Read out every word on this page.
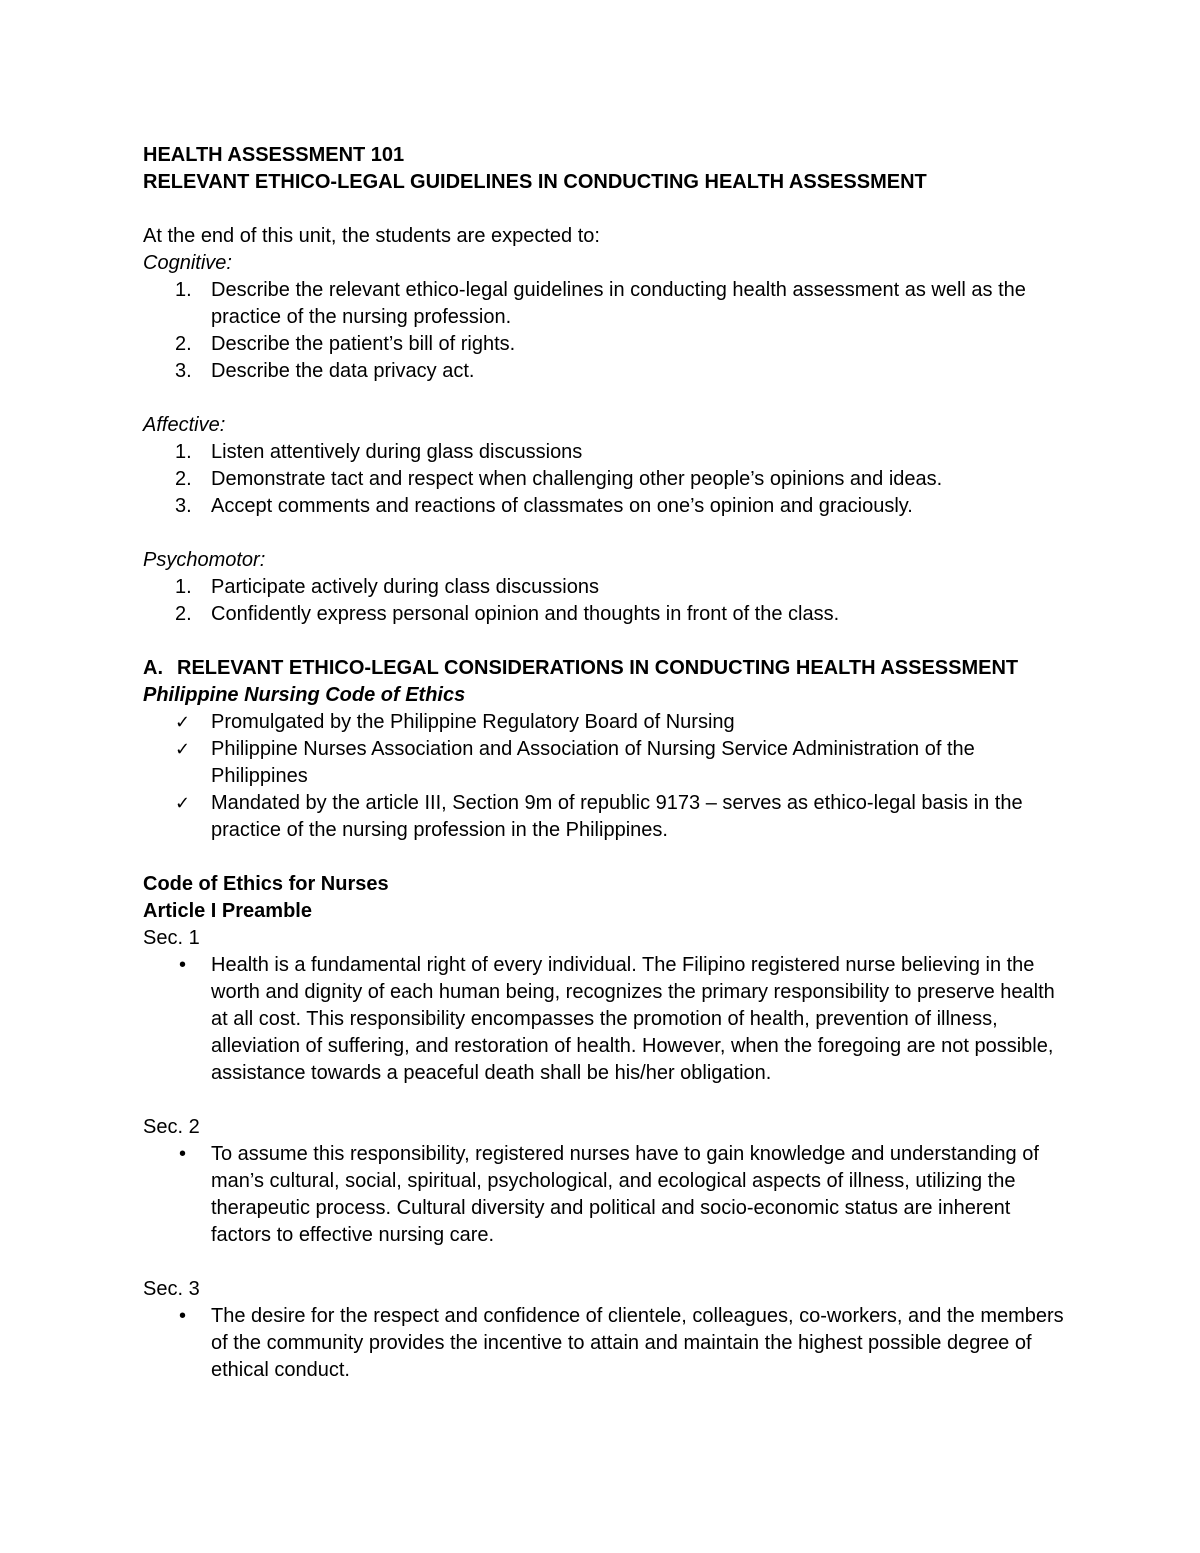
HEALTH ASSESSMENT 101
RELEVANT ETHICO-LEGAL GUIDELINES IN CONDUCTING HEALTH ASSESSMENT
At the end of this unit, the students are expected to:
Cognitive:
1. Describe the relevant ethico-legal guidelines in conducting health assessment as well as the practice of the nursing profession.
2. Describe the patient’s bill of rights.
3. Describe the data privacy act.
Affective:
1. Listen attentively during glass discussions
2. Demonstrate tact and respect when challenging other people’s opinions and ideas.
3. Accept comments and reactions of classmates on one’s opinion and graciously.
Psychomotor:
1. Participate actively during class discussions
2. Confidently express personal opinion and thoughts in front of the class.
A. RELEVANT ETHICO-LEGAL CONSIDERATIONS IN CONDUCTING HEALTH ASSESSMENT
Philippine Nursing Code of Ethics
✓ Promulgated by the Philippine Regulatory Board of Nursing
✓ Philippine Nurses Association and Association of Nursing Service Administration of the Philippines
✓ Mandated by the article III, Section 9m of republic 9173 – serves as ethico-legal basis in the practice of the nursing profession in the Philippines.
Code of Ethics for Nurses
Article I Preamble
Sec. 1
• Health is a fundamental right of every individual. The Filipino registered nurse believing in the worth and dignity of each human being, recognizes the primary responsibility to preserve health at all cost. This responsibility encompasses the promotion of health, prevention of illness, alleviation of suffering, and restoration of health. However, when the foregoing are not possible, assistance towards a peaceful death shall be his/her obligation.
Sec. 2
• To assume this responsibility, registered nurses have to gain knowledge and understanding of man’s cultural, social, spiritual, psychological, and ecological aspects of illness, utilizing the therapeutic process. Cultural diversity and political and socio-economic status are inherent factors to effective nursing care.
Sec. 3
• The desire for the respect and confidence of clientele, colleagues, co-workers, and the members of the community provides the incentive to attain and maintain the highest possible degree of ethical conduct.
